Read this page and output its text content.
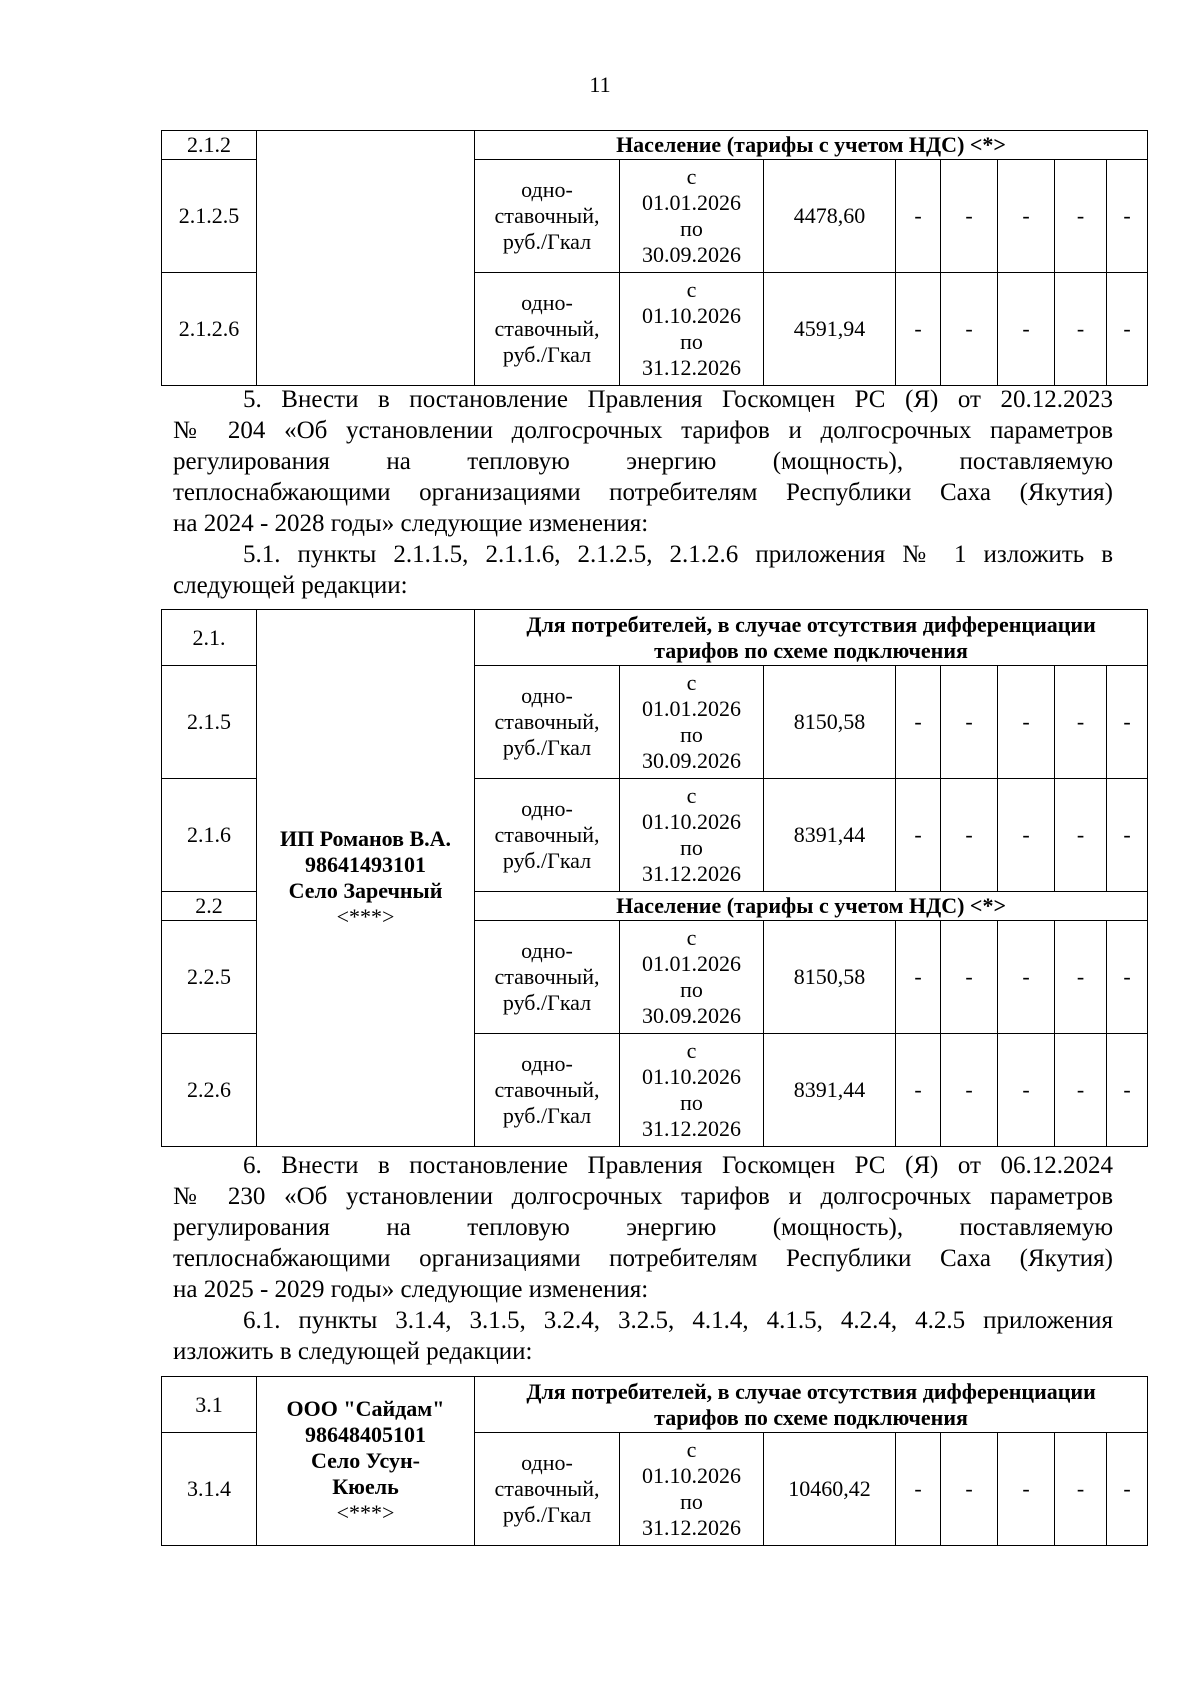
11
2.1.2		Население (тарифы с учетом НДС) <*>							
2.1.2.5		одно-
ставочный,
руб./Гкал	с
01.01.2026
по
30.09.2026	4478,60	-	-	-	-	-
2.1.2.6		одно-
ставочный,
руб./Гкал	с
01.10.2026
по
31.12.2026	4591,94	-	-	-	-	-
5. Внести в постановление Правления Госкомцен РС (Я) от 20.12.2023
№ 204 «Об установлении долгосрочных тарифов и долгосрочных параметров
регулирования на тепловую энергию (мощность), поставляемую
теплоснабжающими организациями потребителям Республики Саха (Якутия)
на 2024 - 2028 годы» следующие изменения:
5.1. пункты 2.1.1.5, 2.1.1.6, 2.1.2.5, 2.1.2.6 приложения № 1 изложить в
следующей редакции:
2.1.	ИП Романов В.А.
98641493101
Село Заречный
<***>	Для потребителей, в случае отсутствия дифференциации
тарифов по схеме подключения							

2.1.5		одно-
ставочный,
руб./Гкал	с
01.01.2026
по
30.09.2026	8150,58	-	-	-	-	-
2.1.6		одно-
ставочный,
руб./Гкал	с
01.10.2026
по
31.12.2026	8391,44	-	-	-	-	-
2.2		Население (тарифы с учетом НДС) <*>							
2.2.5		одно-
ставочный,
руб./Гкал	с
01.01.2026
по
30.09.2026	8150,58	-	-	-	-	-
2.2.6		одно-
ставочный,
руб./Гкал	с
01.10.2026
по
31.12.2026	8391,44	-	-	-	-	-
6. Внести в постановление Правления Госкомцен РС (Я) от 06.12.2024
№ 230 «Об установлении долгосрочных тарифов и долгосрочных параметров
регулирования на тепловую энергию (мощность), поставляемую
теплоснабжающими организациями потребителям Республики Саха (Якутия)
на 2025 - 2029 годы» следующие изменения:
6.1. пункты 3.1.4, 3.1.5, 3.2.4, 3.2.5, 4.1.4, 4.1.5, 4.2.4, 4.2.5 приложения
изложить в следующей редакции:
3.1	ООО "Сайдам"
98648405101
Село Усун-
Кюель
<***>	Для потребителей, в случае отсутствия дифференциации
тарифов по схеме подключения							

3.1.4		одно-
ставочный,
руб./Гкал	с
01.10.2026
по
31.12.2026	10460,42	-	-	-	-	-
